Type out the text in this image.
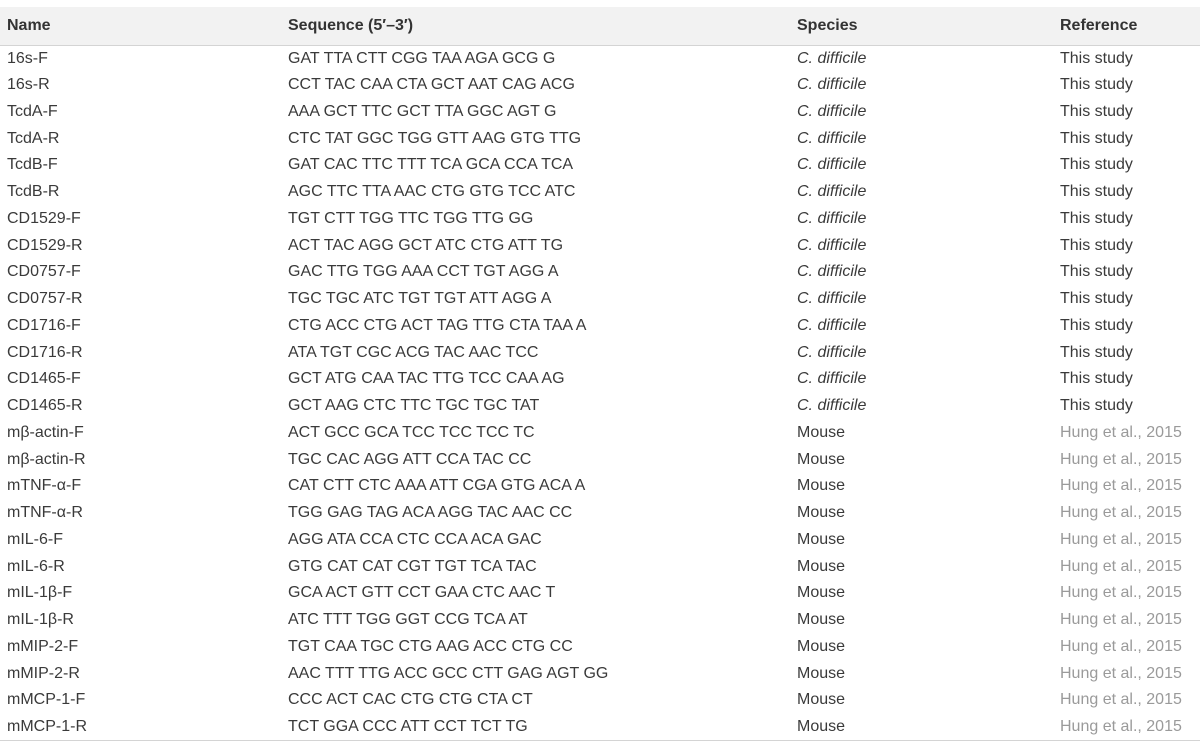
Name	Sequence (5′–3′)	Species	Reference
16s-F	GAT TTA CTT CGG TAA AGA GCG G	C. difficile	This study
16s-R	CCT TAC CAA CTA GCT AAT CAG ACG	C. difficile	This study
TcdA-F	AAA GCT TTC GCT TTA GGC AGT G	C. difficile	This study
TcdA-R	CTC TAT GGC TGG GTT AAG GTG TTG	C. difficile	This study
TcdB-F	GAT CAC TTC TTT TCA GCA CCA TCA	C. difficile	This study
TcdB-R	AGC TTC TTA AAC CTG GTG TCC ATC	C. difficile	This study
CD1529-F	TGT CTT TGG TTC TGG TTG GG	C. difficile	This study
CD1529-R	ACT TAC AGG GCT ATC CTG ATT TG	C. difficile	This study
CD0757-F	GAC TTG TGG AAA CCT TGT AGG A	C. difficile	This study
CD0757-R	TGC TGC ATC TGT TGT ATT AGG A	C. difficile	This study
CD1716-F	CTG ACC CTG ACT TAG TTG CTA TAA A	C. difficile	This study
CD1716-R	ATA TGT CGC ACG TAC AAC TCC	C. difficile	This study
CD1465-F	GCT ATG CAA TAC TTG TCC CAA AG	C. difficile	This study
CD1465-R	GCT AAG CTC TTC TGC TGC TAT	C. difficile	This study
mβ-actin-F	ACT GCC GCA TCC TCC TCC TC	Mouse	Hung et al., 2015
mβ-actin-R	TGC CAC AGG ATT CCA TAC CC	Mouse	Hung et al., 2015
mTNF-α-F	CAT CTT CTC AAA ATT CGA GTG ACA A	Mouse	Hung et al., 2015
mTNF-α-R	TGG GAG TAG ACA AGG TAC AAC CC	Mouse	Hung et al., 2015
mIL-6-F	AGG ATA CCA CTC CCA ACA GAC	Mouse	Hung et al., 2015
mIL-6-R	GTG CAT CAT CGT TGT TCA TAC	Mouse	Hung et al., 2015
mIL-1β-F	GCA ACT GTT CCT GAA CTC AAC T	Mouse	Hung et al., 2015
mIL-1β-R	ATC TTT TGG GGT CCG TCA AT	Mouse	Hung et al., 2015
mMIP-2-F	TGT CAA TGC CTG AAG ACC CTG CC	Mouse	Hung et al., 2015
mMIP-2-R	AAC TTT TTG ACC GCC CTT GAG AGT GG	Mouse	Hung et al., 2015
mMCP-1-F	CCC ACT CAC CTG CTG CTA CT	Mouse	Hung et al., 2015
mMCP-1-R	TCT GGA CCC ATT CCT TCT TG	Mouse	Hung et al., 2015
